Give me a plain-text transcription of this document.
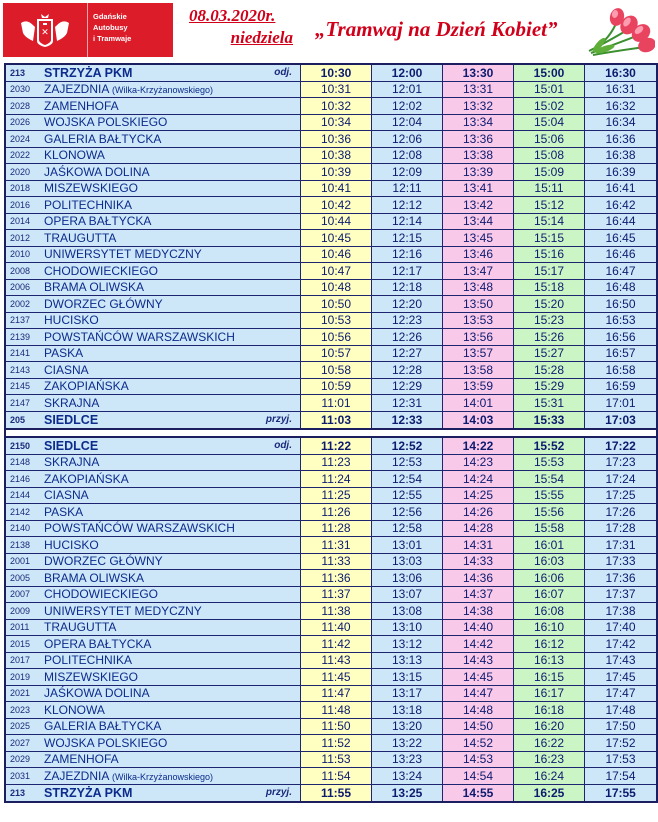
✕
Gdańskie
Autobusy
i Tramwaje
08.03.2020r.
niedziela „Tramwaj na Dzień Kobiet”
213	STRZYŻA PKM	odj.	10:30	12:00	13:30	15:00	16:30
2030	ZAJEZDNIA (Wilka-Krzyżanowskiego)	10:31	12:01	13:31	15:01	16:31
2028	ZAMENHOFA	10:32	12:02	13:32	15:02	16:32
2026	WOJSKA POLSKIEGO	10:34	12:04	13:34	15:04	16:34
2024	GALERIA BAŁTYCKA	10:36	12:06	13:36	15:06	16:36
2022	KLONOWA	10:38	12:08	13:38	15:08	16:38
2020	JAŚKOWA DOLINA	10:39	12:09	13:39	15:09	16:39
2018	MISZEWSKIEGO	10:41	12:11	13:41	15:11	16:41
2016	POLITECHNIKA	10:42	12:12	13:42	15:12	16:42
2014	OPERA BAŁTYCKA	10:44	12:14	13:44	15:14	16:44
2012	TRAUGUTTA	10:45	12:15	13:45	15:15	16:45
2010	UNIWERSYTET MEDYCZNY	10:46	12:16	13:46	15:16	16:46
2008	CHODOWIECKIEGO	10:47	12:17	13:47	15:17	16:47
2006	BRAMA OLIWSKA	10:48	12:18	13:48	15:18	16:48
2002	DWORZEC GŁÓWNY	10:50	12:20	13:50	15:20	16:50
2137	HUCISKO	10:53	12:23	13:53	15:23	16:53
2139	POWSTAŃCÓW WARSZAWSKICH	10:56	12:26	13:56	15:26	16:56
2141	PASKA	10:57	12:27	13:57	15:27	16:57
2143	CIASNA	10:58	12:28	13:58	15:28	16:58
2145	ZAKOPIAŃSKA	10:59	12:29	13:59	15:29	16:59
2147	SKRAJNA	11:01	12:31	14:01	15:31	17:01
205	SIEDLCE	przyj.	11:03	12:33	14:03	15:33	17:03
2150	SIEDLCE	odj.	11:22	12:52	14:22	15:52	17:22
2148	SKRAJNA	11:23	12:53	14:23	15:53	17:23
2146	ZAKOPIAŃSKA	11:24	12:54	14:24	15:54	17:24
2144	CIASNA	11:25	12:55	14:25	15:55	17:25
2142	PASKA	11:26	12:56	14:26	15:56	17:26
2140	POWSTAŃCÓW WARSZAWSKICH	11:28	12:58	14:28	15:58	17:28
2138	HUCISKO	11:31	13:01	14:31	16:01	17:31
2001	DWORZEC GŁÓWNY	11:33	13:03	14:33	16:03	17:33
2005	BRAMA OLIWSKA	11:36	13:06	14:36	16:06	17:36
2007	CHODOWIECKIEGO	11:37	13:07	14:37	16:07	17:37
2009	UNIWERSYTET MEDYCZNY	11:38	13:08	14:38	16:08	17:38
2011	TRAUGUTTA	11:40	13:10	14:40	16:10	17:40
2015	OPERA BAŁTYCKA	11:42	13:12	14:42	16:12	17:42
2017	POLITECHNIKA	11:43	13:13	14:43	16:13	17:43
2019	MISZEWSKIEGO	11:45	13:15	14:45	16:15	17:45
2021	JAŚKOWA DOLINA	11:47	13:17	14:47	16:17	17:47
2023	KLONOWA	11:48	13:18	14:48	16:18	17:48
2025	GALERIA BAŁTYCKA	11:50	13:20	14:50	16:20	17:50
2027	WOJSKA POLSKIEGO	11:52	13:22	14:52	16:22	17:52
2029	ZAMENHOFA	11:53	13:23	14:53	16:23	17:53
2031	ZAJEZDNIA (Wilka-Krzyżanowskiego)	11:54	13:24	14:54	16:24	17:54
213	STRZYŻA PKM	przyj.	11:55	13:25	14:55	16:25	17:55
